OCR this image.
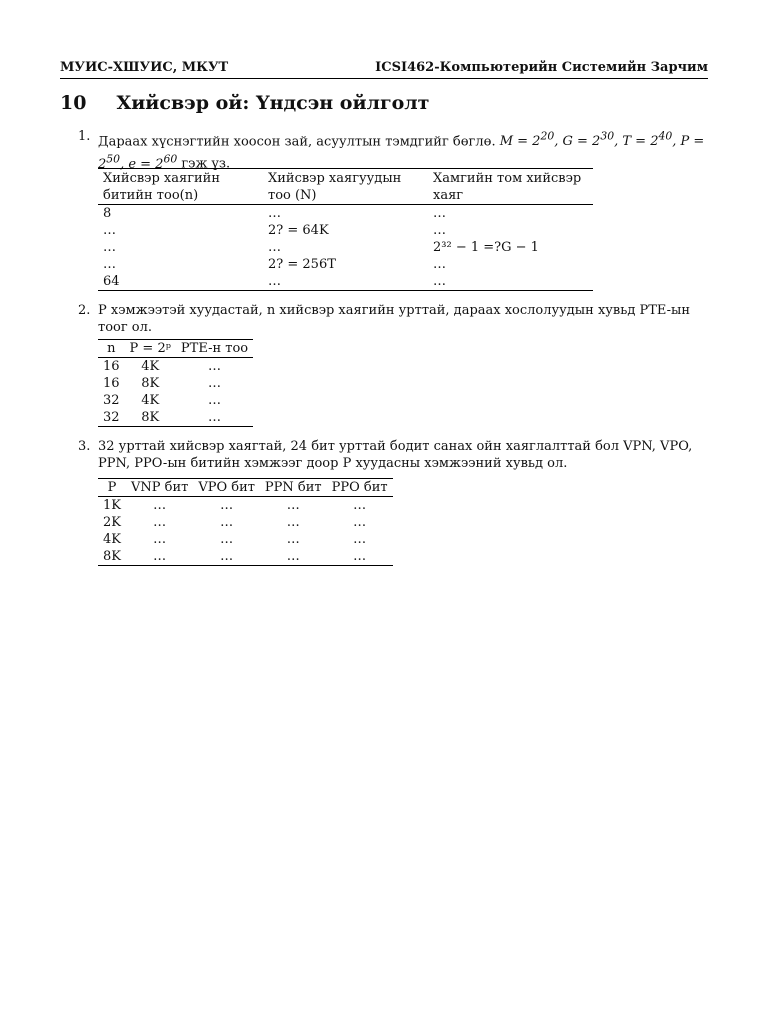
МУИС-ХШУИС, МКУТ	ICSI462-Компьютерийн Системийн Зарчим
10 Хийсвэр ой: Үндсэн ойлголт
1. Дараах хүснэгтийн хоосон зай, асуултын тэмдгийг бөглө. $M = 2^{20}$, $G = 2^{30}$, $T = 2^{40}$, $P = 2^{50}$, $e = 2^{60}$ гэж үз.
Хийсвэр хаягийн битийн тоо(n)	Хийсвэр хаягуудын тоо (N)	Хамгийн том хийсвэр хаяг
8	…	…
…	2? = 64K	…
…	…	2³² − 1 =?G − 1
…	2? = 256T	…
64	…	…
2. P хэмжээтэй хуудастай, n хийсвэр хаягийн урттай, дараах хослолуудын хувьд PTE-ын тоог ол.
n	P = 2ᵖ	PTE-н тоо
16	4K	…
16	8K	…
32	4K	…
32	8K	…
3. 32 урттай хийсвэр хаягтай, 24 бит урттай бодит санах ойн хаяглалттай бол VPN, VPO, PPN, PPO-ын битийн хэмжээг доор P хуудасны хэмжээний хувьд ол.
P	VNP бит	VPO бит	PPN бит	PPO бит
1K	…	…	…	…
2K	…	…	…	…
4K	…	…	…	…
8K	…	…	…	…
